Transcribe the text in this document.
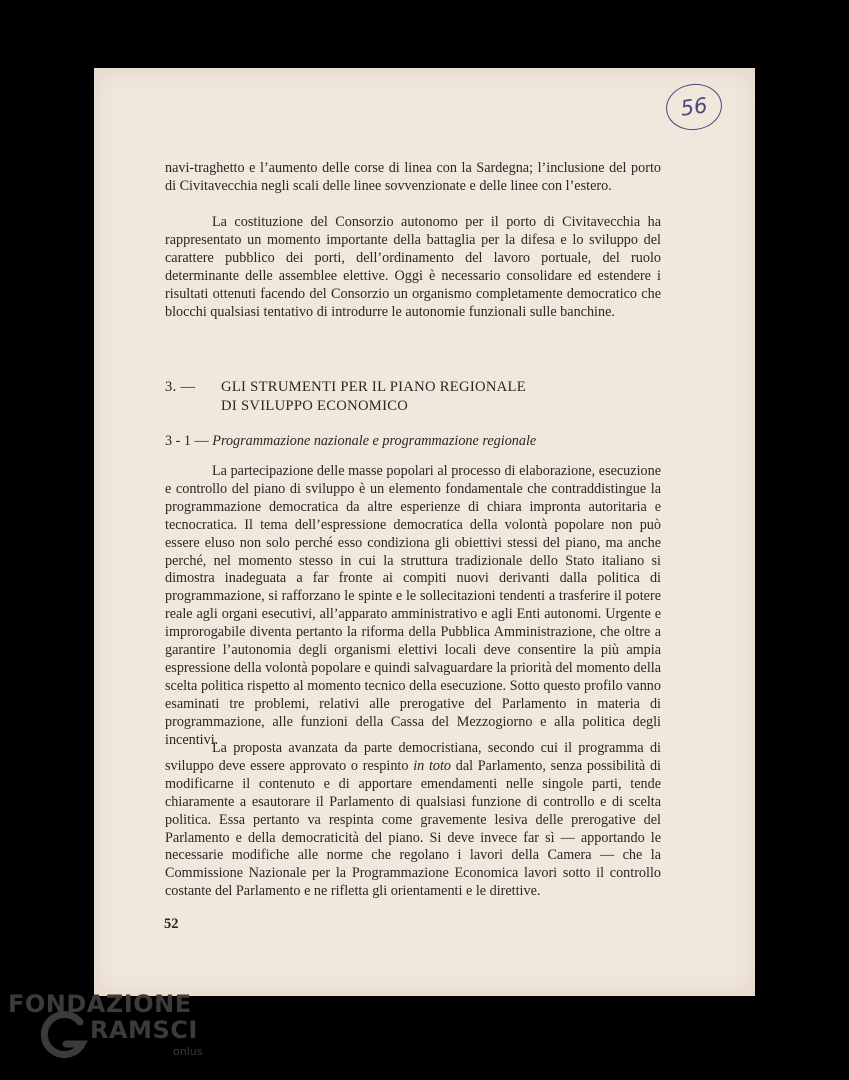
56

navi-traghetto e l’aumento delle corse di linea con la Sardegna; l’inclusione del porto di Civitavecchia negli scali delle linee sovvenzionate e delle linee con l’estero.

La costituzione del Consorzio autonomo per il porto di Civitavecchia ha rappresentato un momento importante della battaglia per la difesa e lo sviluppo del carattere pubblico dei porti, dell’ordinamento del lavoro portuale, del ruolo determinante delle assemblee elettive. Oggi è necessario consolidare ed estendere i risultati ottenuti facendo del Consorzio un organismo completamente democratico che blocchi qualsiasi tentativo di introdurre le autonomie funzionali sulle banchine.

3. — GLI STRUMENTI PER IL PIANO REGIONALE
DI SVILUPPO ECONOMICO
3 - 1 — Programmazione nazionale e programmazione regionale

La partecipazione delle masse popolari al processo di elaborazione, esecuzione e controllo del piano di sviluppo è un elemento fondamentale che contraddistingue la programmazione democratica da altre esperienze di chiara impronta autoritaria e tecnocratica. Il tema dell’espressione democratica della volontà popolare non può essere eluso non solo perché esso condiziona gli obiettivi stessi del piano, ma anche perché, nel momento stesso in cui la struttura tradizionale dello Stato italiano si dimostra inadeguata a far fronte ai compiti nuovi derivanti dalla politica di programmazione, si rafforzano le spinte e le sollecitazioni tendenti a trasferire il potere reale agli organi esecutivi, all’apparato amministrativo e agli Enti autonomi. Urgente e improrogabile diventa pertanto la riforma della Pubblica Amministrazione, che oltre a garantire l’autonomia degli organismi elettivi locali deve consentire la più ampia espressione della volontà popolare e quindi salvaguardare la priorità del momento della scelta politica rispetto al momento tecnico della esecuzione. Sotto questo profilo vanno esaminati tre problemi, relativi alle prerogative del Parlamento in materia di programmazione, alle funzioni della Cassa del Mezzogiorno e alla politica degli incentivi.

La proposta avanzata da parte democristiana, secondo cui il programma di sviluppo deve essere approvato o respinto in toto dal Parlamento, senza possibilità di modificarne il contenuto e di apportare emendamenti nelle singole parti, tende chiaramente a esautorare il Parlamento di qualsiasi funzione di controllo e di scelta politica. Essa pertanto va respinta come gravemente lesiva delle prerogative del Parlamento e della democraticità del piano. Si deve invece far sì — apportando le necessarie modifiche alle norme che regolano i lavori della Camera — che la Commissione Nazionale per la Programmazione Economica lavori sotto il controllo costante del Parlamento e ne rifletta gli orientamenti e le direttive.

52
FONDAZIONE
RAMSCI
onlus
